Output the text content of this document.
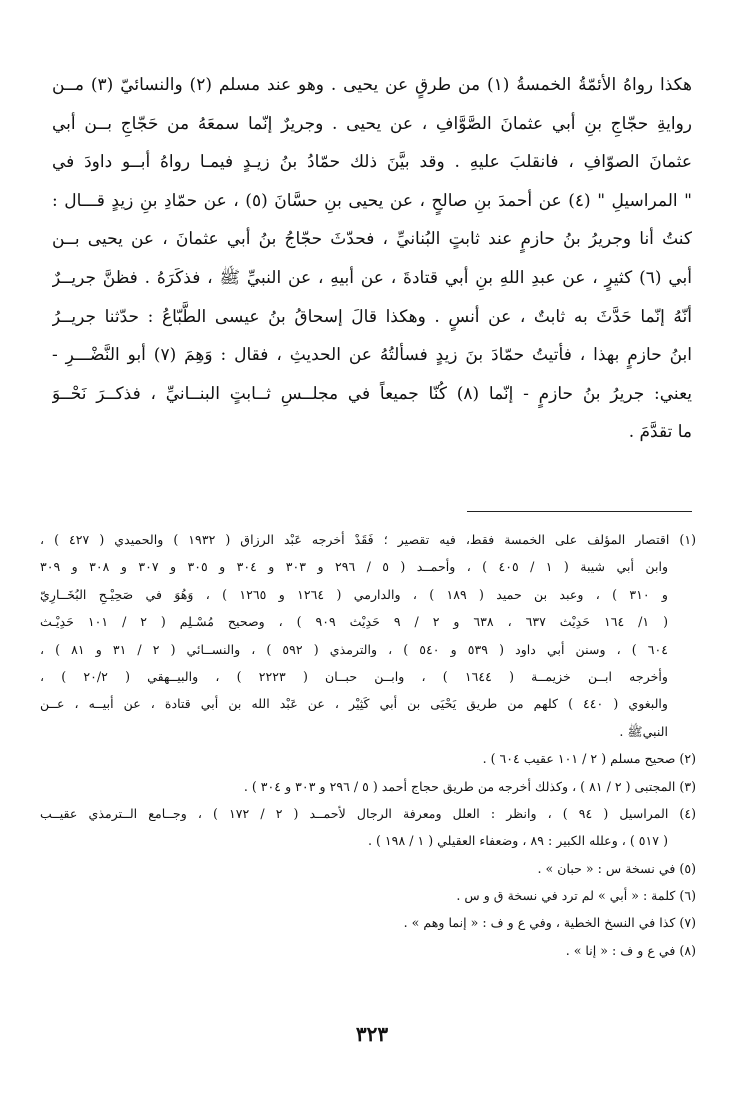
هكذا رواهُ الأئمّةُ الخمسةُ (١) من طرقٍ عن يحيى . وهو عند مسلم (٢) والنسائيّ (٣) مــن
روايةِ حجّاجِ بنِ أبي عثمانَ الصَّوَّافِ ، عن يحيى . وجريرٌ إنّما سمعَهُ من حَجّاجِ بــن أبي
عثمانَ الصوّافِ ، فانقلبَ عليهِ . وقد بيَّنَ ذلك حمّادُ بنُ زيـدٍ فيمـا رواهُ أبــو داودَ في
" المراسيلِ " (٤) عن أحمدَ بنِ صالحٍ ، عن يحيى بنِ حسَّانَ (٥) ، عن حمّادِ بنِ زيدٍ قـــال :
كنتُ أنا وجريرُ بنُ حازمٍ عند ثابتٍ البُنانيِّ ، فحدّثَ حجّاجُ بنُ أبي عثمانَ ، عن يحيى بــن
أبي (٦) كثيرٍ ، عن عبدِ اللهِ بنِ أبي قتادةَ ، عن أبيهِ ، عن النبيِّ ﷺ ، فذكَرَهُ . فظنَّ جريــرٌ
أنّهُ إنّما حَدَّثَ به ثابتٌ ، عن أنسٍ . وهكذا قالَ إسحاقُ بنُ عيسى الطَّبّاعُ : حدّثنا جريــرُ
ابنُ حازمٍ بهذا ، فأتيتُ حمّادَ بنَ زيدٍ فسألتُهُ عن الحديثِ ، فقال : وَهِمَ (٧) أبو النَّضْـــرِ -
يعني: جريرُ بنُ حازمٍ - إنّما (٨) كُنّا جميعاً في مجلــسِ ثــابتٍ البنــانيِّ ، فذكــرَ نَحْــوَ
ما تقدَّمَ .
(١) اقتصار المؤلف على الخمسة فقط، فيه تقصير ؛ فَقَدْ أخرجه عَبْد الرزاق ( ١٩٣٢ ) والحميدي ( ٤٢٧ ) ،
وابن أبي شيبة ( ١ / ٤٠٥ ) ، وأحمــد ( ٥ / ٢٩٦ و ٣٠٣ و ٣٠٤ و ٣٠٥ و ٣٠٧ و ٣٠٨ و ٣٠٩
و ٣١٠ ) ، وعبد بن حميد ( ١٨٩ ) ، والدارمي ( ١٢٦٤ و ١٢٦٥ ) ، وَهُوَ في صَحِيْـحِ البُخَــارِيّ
( ١/ ١٦٤ حَدِيْث ٦٣٧ ، ٦٣٨ و ٢ / ٩ حَدِيْث ٩٠٩ ) ، وصحيح مُسْـلِم ( ٢ / ١٠١ حَدِيْـث
٦٠٤ ) ، وسنن أبي داود ( ٥٣٩ و ٥٤٠ ) ، والترمذي ( ٥٩٢ ) ، والنســائي ( ٢ / ٣١ و ٨١ ) ،
وأخرجه ابــن خزيمــة ( ١٦٤٤ ) ، وابــن حبــان ( ٢٢٢٣ ) ، والبيــهقي ( ٢٠/٢ ) ،
والبغوي ( ٤٤٠ ) كلهم من طريق يَحْيَى بن أبي كَثِيْر ، عن عَبْد الله بن أبي قتادة ، عن أبيــه ، عــن
النبيﷺ .
(٢) صحيح مسلم ( ٢ / ١٠١ عقيب ٦٠٤ ) .
(٣) المجتبى ( ٢ / ٨١ ) ، وكذلك أخرجه من طريق حجاج أحمد ( ٥ / ٢٩٦ و ٣٠٣ و ٣٠٤ ) .
(٤) المراسيل ( ٩٤ ) ، وانظر : العلل ومعرفة الرجال لأحمــد ( ٢ / ١٧٢ ) ، وجــامع الــترمذي عقيــب
( ٥١٧ ) ، وعلله الكبير : ٨٩ ، وضعفاء العقيلي ( ١ / ١٩٨ ) .
(٥) في نسخة س : « حبان » .
(٦) كلمة : « أبي » لم ترد في نسخة ق و س .
(٧) كذا في النسخ الخطية ، وفي ع و ف : « إنما وهم » .
(٨) في ع و ف : « إنا » .
٣٢٣
